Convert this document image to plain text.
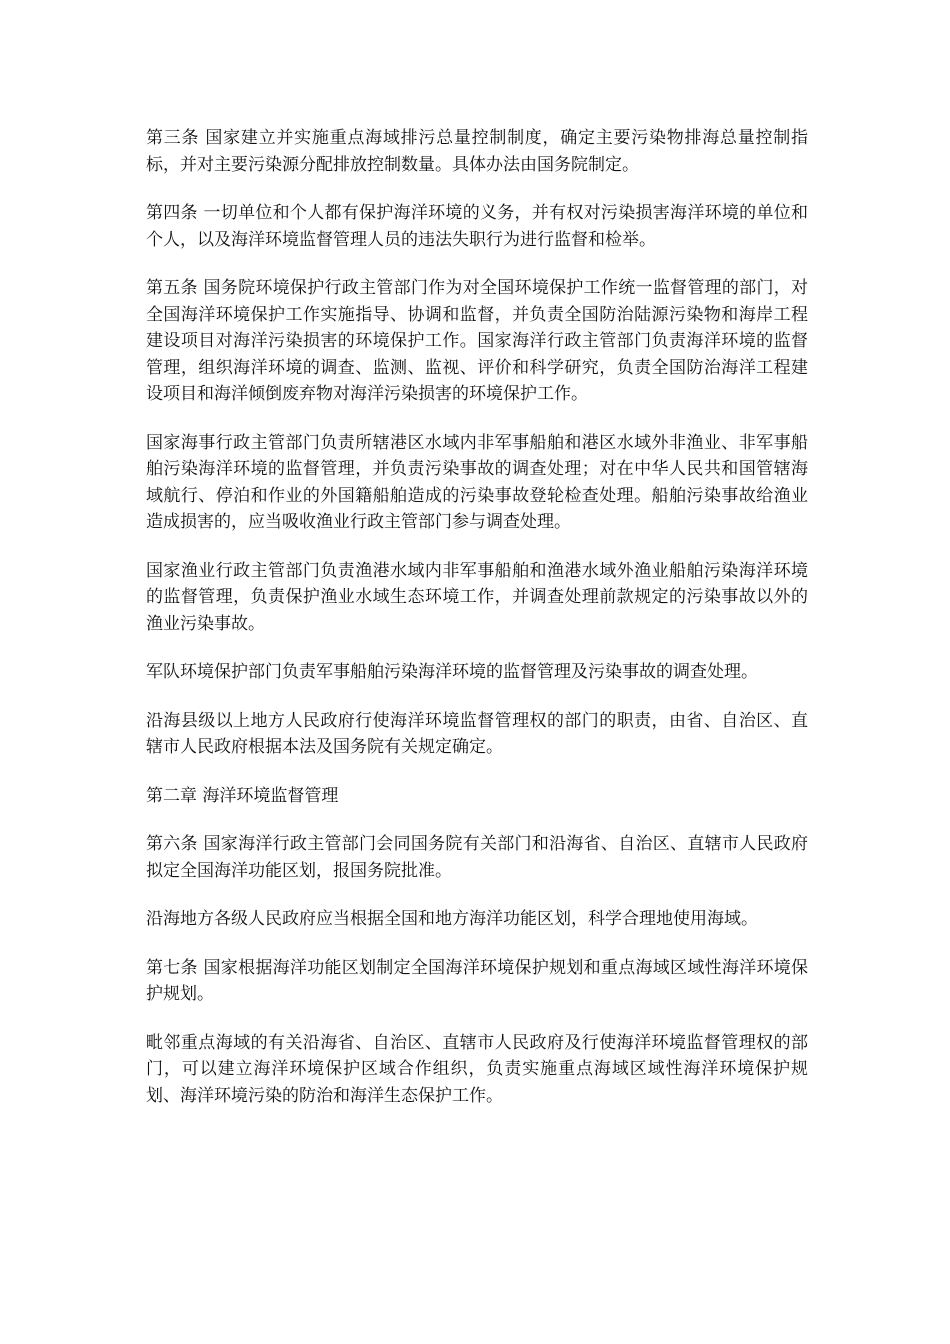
第三条 国家建立并实施重点海域排污总量控制制度，确定主要污染物排海总量控制指标，并对主要污染源分配排放控制数量。具体办法由国务院制定。

第四条 一切单位和个人都有保护海洋环境的义务，并有权对污染损害海洋环境的单位和个人，以及海洋环境监督管理人员的违法失职行为进行监督和检举。

第五条 国务院环境保护行政主管部门作为对全国环境保护工作统一监督管理的部门，对全国海洋环境保护工作实施指导、协调和监督，并负责全国防治陆源污染物和海岸工程建设项目对海洋污染损害的环境保护工作。国家海洋行政主管部门负责海洋环境的监督管理，组织海洋环境的调查、监测、监视、评价和科学研究，负责全国防治海洋工程建设项目和海洋倾倒废弃物对海洋污染损害的环境保护工作。

国家海事行政主管部门负责所辖港区水域内非军事船舶和港区水域外非渔业、非军事船舶污染海洋环境的监督管理，并负责污染事故的调查处理；对在中华人民共和国管辖海域航行、停泊和作业的外国籍船舶造成的污染事故登轮检查处理。船舶污染事故给渔业造成损害的，应当吸收渔业行政主管部门参与调查处理。

国家渔业行政主管部门负责渔港水域内非军事船舶和渔港水域外渔业船舶污染海洋环境的监督管理，负责保护渔业水域生态环境工作，并调查处理前款规定的污染事故以外的渔业污染事故。

军队环境保护部门负责军事船舶污染海洋环境的监督管理及污染事故的调查处理。

沿海县级以上地方人民政府行使海洋环境监督管理权的部门的职责，由省、自治区、直辖市人民政府根据本法及国务院有关规定确定。

第二章 海洋环境监督管理

第六条 国家海洋行政主管部门会同国务院有关部门和沿海省、自治区、直辖市人民政府拟定全国海洋功能区划，报国务院批准。

沿海地方各级人民政府应当根据全国和地方海洋功能区划，科学合理地使用海域。

第七条 国家根据海洋功能区划制定全国海洋环境保护规划和重点海域区域性海洋环境保护规划。

毗邻重点海域的有关沿海省、自治区、直辖市人民政府及行使海洋环境监督管理权的部门，可以建立海洋环境保护区域合作组织，负责实施重点海域区域性海洋环境保护规划、海洋环境污染的防治和海洋生态保护工作。
